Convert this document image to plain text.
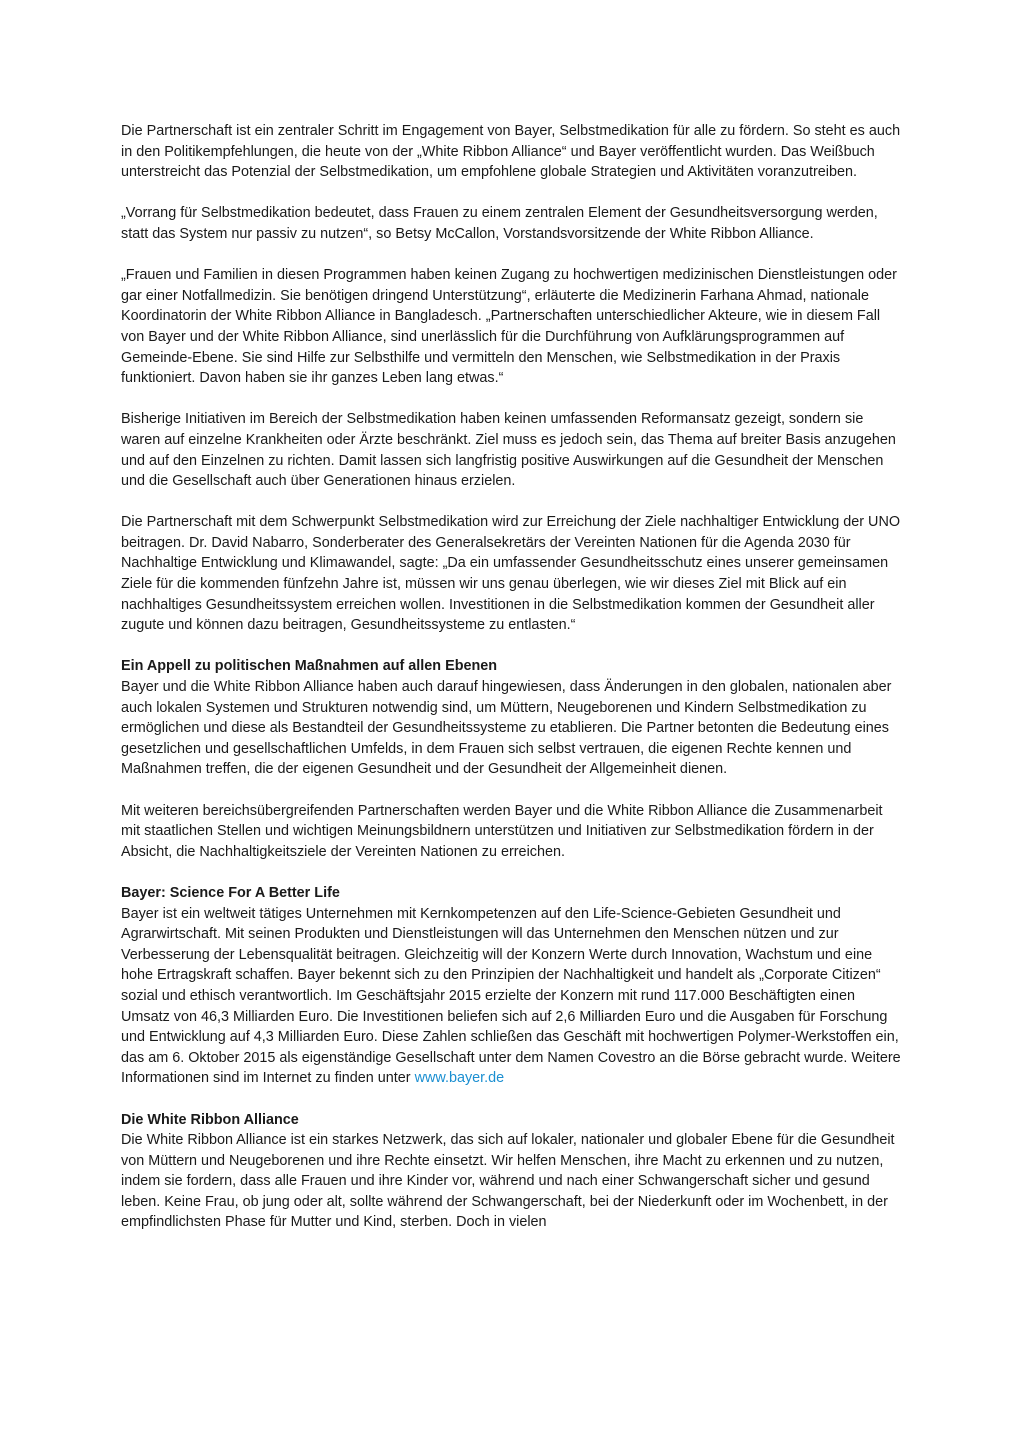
Die Partnerschaft ist ein zentraler Schritt im Engagement von Bayer, Selbstmedikation für alle zu fördern. So steht es auch in den Politikempfehlungen, die heute von der „White Ribbon Alliance“ und Bayer veröffentlicht wurden. Das Weißbuch unterstreicht das Potenzial der Selbstmedikation, um empfohlene globale Strategien und Aktivitäten voranzutreiben.

„Vorrang für Selbstmedikation bedeutet, dass Frauen zu einem zentralen Element der Gesundheitsversorgung werden, statt das System nur passiv zu nutzen“, so Betsy McCallon, Vorstandsvorsitzende der White Ribbon Alliance.

„Frauen und Familien in diesen Programmen haben keinen Zugang zu hochwertigen medizinischen Dienstleistungen oder gar einer Notfallmedizin. Sie benötigen dringend Unterstützung“, erläuterte die Medizinerin Farhana Ahmad, nationale Koordinatorin der White Ribbon Alliance in Bangladesch. „Partnerschaften unterschiedlicher Akteure, wie in diesem Fall von Bayer und der White Ribbon Alliance, sind unerlässlich für die Durchführung von Aufklärungsprogrammen auf Gemeinde-Ebene. Sie sind Hilfe zur Selbsthilfe und vermitteln den Menschen, wie Selbstmedikation in der Praxis funktioniert. Davon haben sie ihr ganzes Leben lang etwas.“

Bisherige Initiativen im Bereich der Selbstmedikation haben keinen umfassenden Reformansatz gezeigt, sondern sie waren auf einzelne Krankheiten oder Ärzte beschränkt. Ziel muss es jedoch sein, das Thema auf breiter Basis anzugehen und auf den Einzelnen zu richten. Damit lassen sich langfristig positive Auswirkungen auf die Gesundheit der Menschen und die Gesellschaft auch über Generationen hinaus erzielen.

Die Partnerschaft mit dem Schwerpunkt Selbstmedikation wird zur Erreichung der Ziele nachhaltiger Entwicklung der UNO beitragen. Dr. David Nabarro, Sonderberater des Generalsekretärs der Vereinten Nationen für die Agenda 2030 für Nachhaltige Entwicklung und Klimawandel, sagte: „Da ein umfassender Gesundheitsschutz eines unserer gemeinsamen Ziele für die kommenden fünfzehn Jahre ist, müssen wir uns genau überlegen, wie wir dieses Ziel mit Blick auf ein nachhaltiges Gesundheitssystem erreichen wollen. Investitionen in die Selbstmedikation kommen der Gesundheit aller zugute und können dazu beitragen, Gesundheitssysteme zu entlasten.“

Ein Appell zu politischen Maßnahmen auf allen Ebenen
Bayer und die White Ribbon Alliance haben auch darauf hingewiesen, dass Änderungen in den globalen, nationalen aber auch lokalen Systemen und Strukturen notwendig sind, um Müttern, Neugeborenen und Kindern Selbstmedikation zu ermöglichen und diese als Bestandteil der Gesundheitssysteme zu etablieren. Die Partner betonten die Bedeutung eines gesetzlichen und gesellschaftlichen Umfelds, in dem Frauen sich selbst vertrauen, die eigenen Rechte kennen und Maßnahmen treffen, die der eigenen Gesundheit und der Gesundheit der Allgemeinheit dienen.

Mit weiteren bereichsübergreifenden Partnerschaften werden Bayer und die White Ribbon Alliance die Zusammenarbeit mit staatlichen Stellen und wichtigen Meinungsbildnern unterstützen und Initiativen zur Selbstmedikation fördern in der Absicht, die Nachhaltigkeitsziele der Vereinten Nationen zu erreichen.

Bayer: Science For A Better Life
Bayer ist ein weltweit tätiges Unternehmen mit Kernkompetenzen auf den Life-Science-Gebieten Gesundheit und Agrarwirtschaft. Mit seinen Produkten und Dienstleistungen will das Unternehmen den Menschen nützen und zur Verbesserung der Lebensqualität beitragen. Gleichzeitig will der Konzern Werte durch Innovation, Wachstum und eine hohe Ertragskraft schaffen. Bayer bekennt sich zu den Prinzipien der Nachhaltigkeit und handelt als „Corporate Citizen“ sozial und ethisch verantwortlich. Im Geschäftsjahr 2015 erzielte der Konzern mit rund 117.000 Beschäftigten einen Umsatz von 46,3 Milliarden Euro. Die Investitionen beliefen sich auf 2,6 Milliarden Euro und die Ausgaben für Forschung und Entwicklung auf 4,3 Milliarden Euro. Diese Zahlen schließen das Geschäft mit hochwertigen Polymer-Werkstoffen ein, das am 6. Oktober 2015 als eigenständige Gesellschaft unter dem Namen Covestro an die Börse gebracht wurde. Weitere Informationen sind im Internet zu finden unter www.bayer.de
Die White Ribbon Alliance
Die White Ribbon Alliance ist ein starkes Netzwerk, das sich auf lokaler, nationaler und globaler Ebene für die Gesundheit von Müttern und Neugeborenen und ihre Rechte einsetzt. Wir helfen Menschen, ihre Macht zu erkennen und zu nutzen, indem sie fordern, dass alle Frauen und ihre Kinder vor, während und nach einer Schwangerschaft sicher und gesund leben. Keine Frau, ob jung oder alt, sollte während der Schwangerschaft, bei der Niederkunft oder im Wochenbett, in der empfindlichsten Phase für Mutter und Kind, sterben. Doch in vielen
